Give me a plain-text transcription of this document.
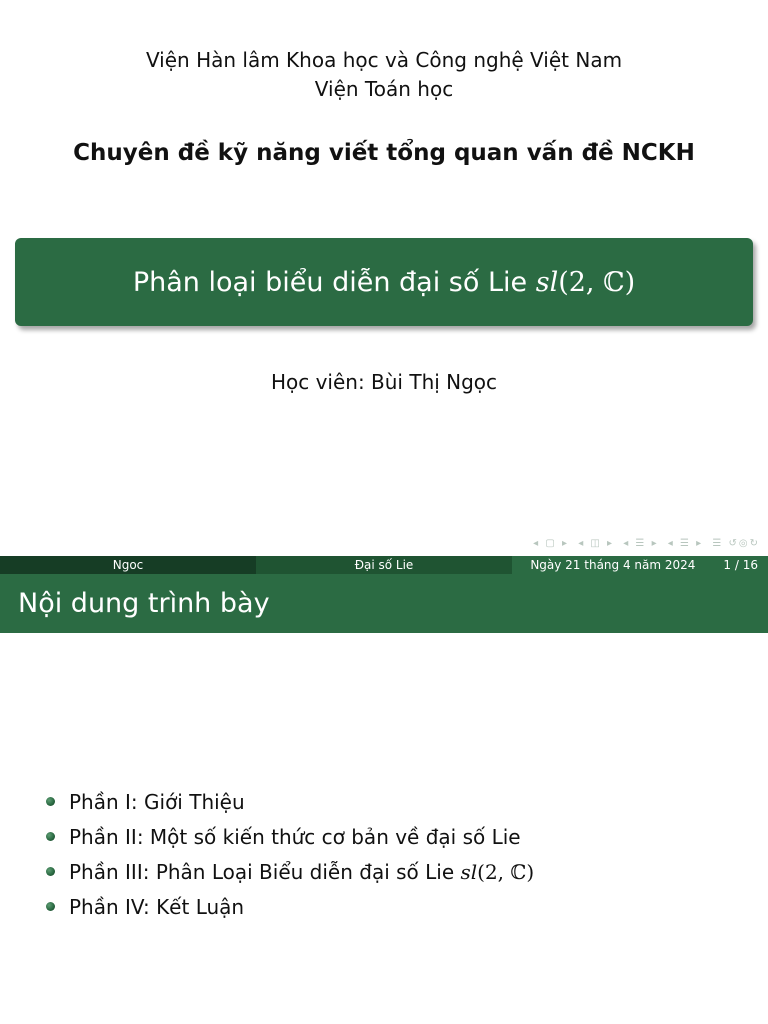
Viện Hàn lâm Khoa học và Công nghệ Việt Nam
Viện Toán học
Chuyên đề kỹ năng viết tổng quan vấn đề NCKH
Phân loại biểu diễn đại số Lie sl (2, ℂ)
Học viên: Bùi Thị Ngọc
◂ ▢ ▸ ◂ ◫ ▸ ◂ ☰ ▸ ◂ ☰ ▸ ☰ ↺◎↻
Ngoc	Đại số Lie	Ngày 21 tháng 4 năm 2024 1 / 16
Nội dung trình bày
Phần I: Giới Thiệu
Phần II: Một số kiến thức cơ bản về đại số Lie
Phần III: Phân Loại Biểu diễn đại số Lie sl (2, ℂ)
Phần IV: Kết Luận
